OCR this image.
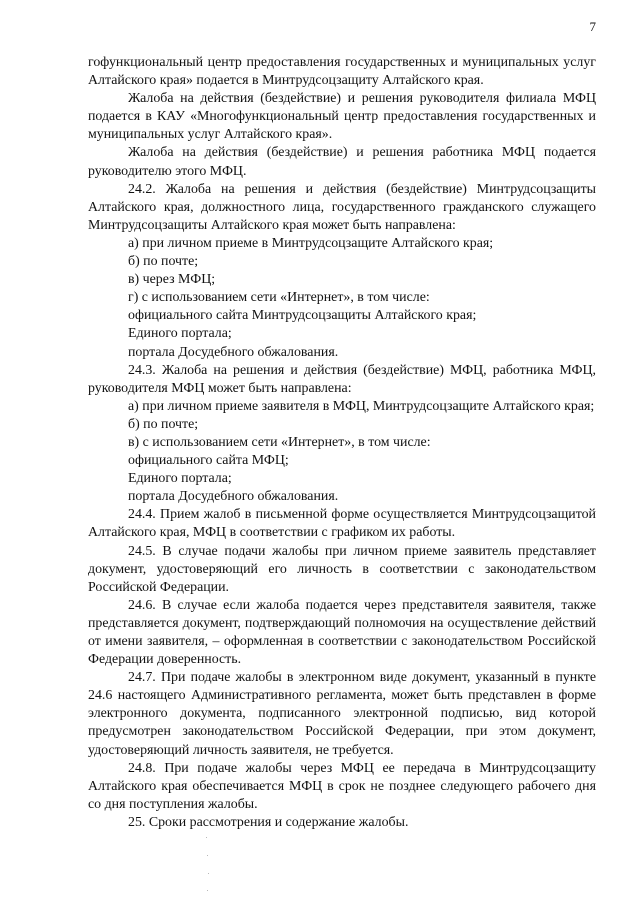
7

гофункциональный центр предоставления государственных и муниципальных услуг Алтайского края» подается в Минтрудсоцзащиту Алтайского края.

Жалоба на действия (бездействие) и решения руководителя филиала МФЦ подается в КАУ «Многофункциональный центр предоставления государственных и муниципальных услуг Алтайского края».

Жалоба на действия (бездействие) и решения работника МФЦ подается руководителю этого МФЦ.

24.2. Жалоба на решения и действия (бездействие) Минтрудсоцзащиты Алтайского края, должностного лица, государственного гражданского служащего Минтрудсоцзащиты Алтайского края может быть направлена:

а) при личном приеме в Минтрудсоцзащите Алтайского края;

б) по почте;

в) через МФЦ;

г) с использованием сети «Интернет», в том числе:

официального сайта Минтрудсоцзащиты Алтайского края;

Единого портала;

портала Досудебного обжалования.

24.3. Жалоба на решения и действия (бездействие) МФЦ, работника МФЦ, руководителя МФЦ может быть направлена:

а) при личном приеме заявителя в МФЦ, Минтрудсоцзащите Алтайского края;

б) по почте;

в) с использованием сети «Интернет», в том числе:

официального сайта МФЦ;

Единого портала;

портала Досудебного обжалования.

24.4. Прием жалоб в письменной форме осуществляется Минтрудсоцзащитой Алтайского края, МФЦ в соответствии с графиком их работы.

24.5. В случае подачи жалобы при личном приеме заявитель представляет документ, удостоверяющий его личность в соответствии с законодательством Российской Федерации.

24.6. В случае если жалоба подается через представителя заявителя, также представляется документ, подтверждающий полномочия на осуществление действий от имени заявителя, – оформленная в соответствии с законодательством Российской Федерации доверенность.

24.7. При подаче жалобы в электронном виде документ, указанный в пункте 24.6 настоящего Административного регламента, может быть представлен в форме электронного документа, подписанного электронной подписью, вид которой предусмотрен законодательством Российской Федерации, при этом документ, удостоверяющий личность заявителя, не требуется.

24.8. При подаче жалобы через МФЦ ее передача в Минтрудсоцзащиту Алтайского края обеспечивается МФЦ в срок не позднее следующего рабочего дня со дня поступления жалобы.

25. Сроки рассмотрения и содержание жалобы.
